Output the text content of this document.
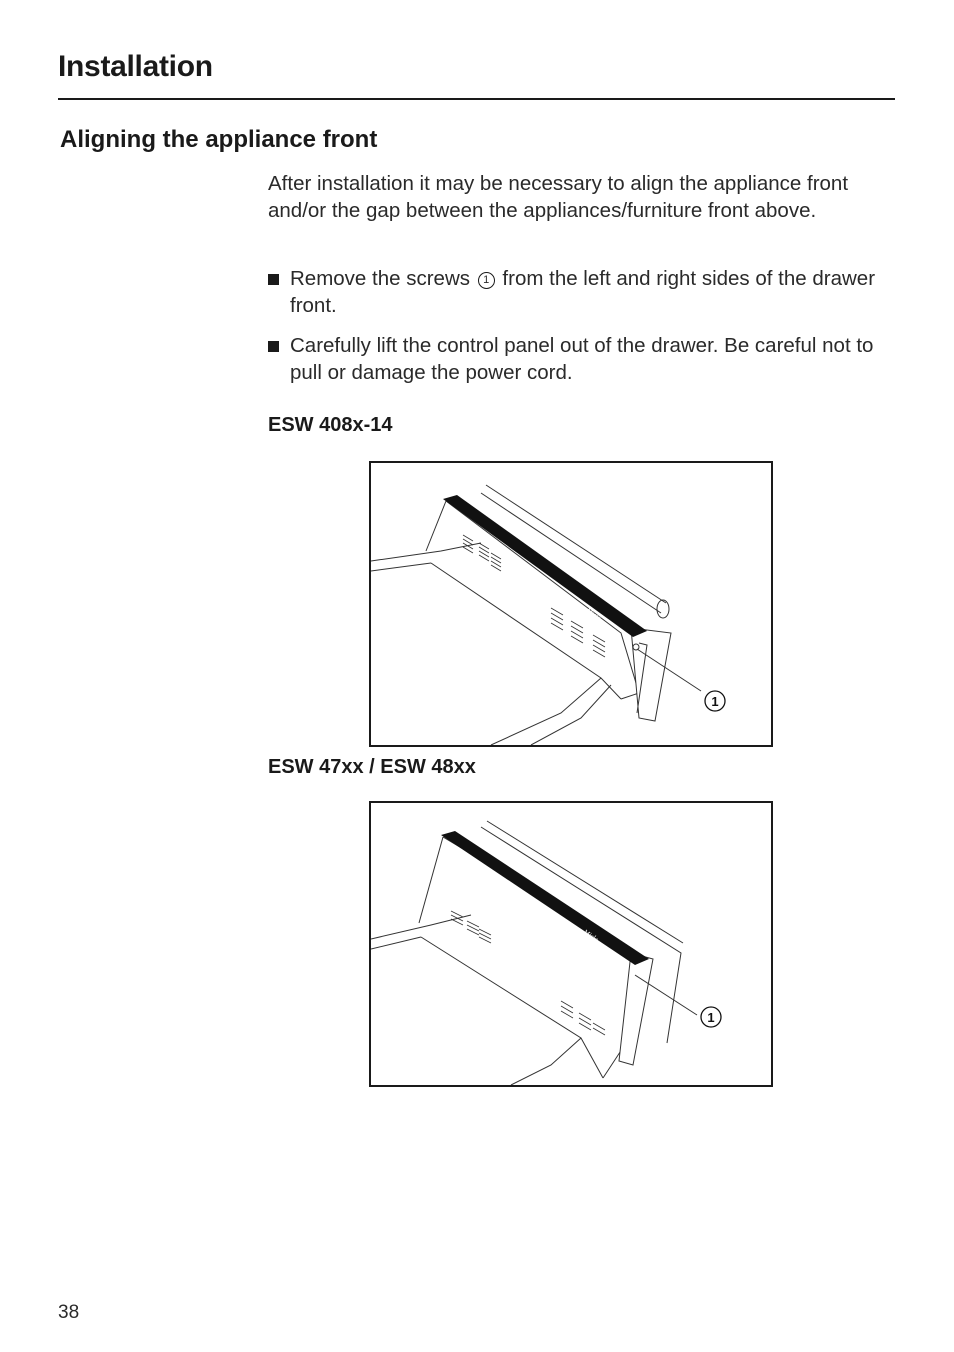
Installation
Aligning the appliance front
After installation it may be necessary to align the appliance front and/or the gap between the appliances/furniture front above.
Remove the screws 1 from the left and right sides of the drawer front.
Carefully lift the control panel out of the drawer. Be careful not to pull or damage the power cord.
ESW 408x-14
Miele
1
ESW 47xx / ESW 48xx
Miele
1
38
